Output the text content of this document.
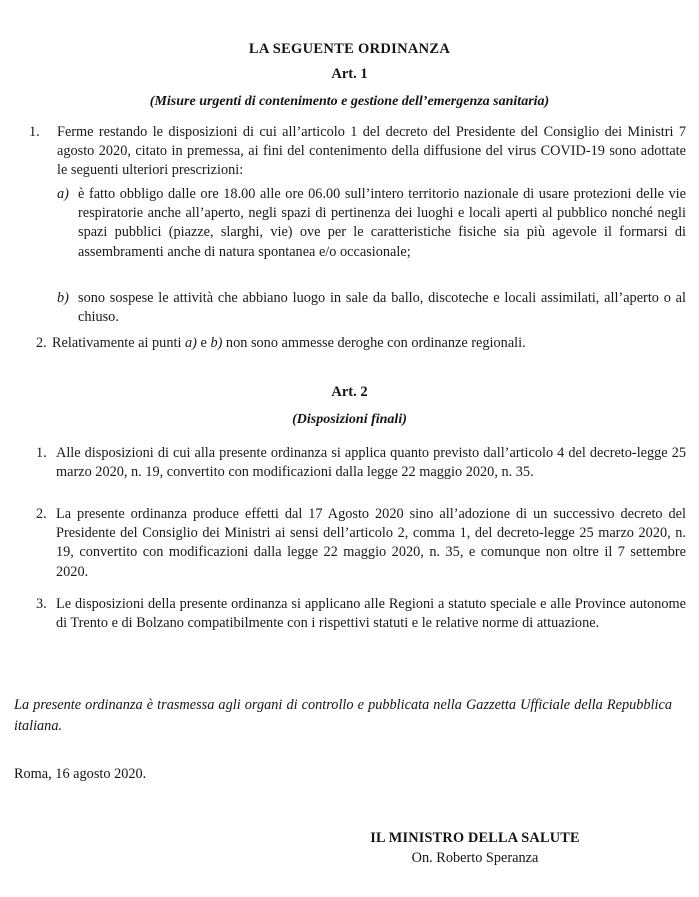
LA SEGUENTE ORDINANZA
Art. 1
(Misure urgenti di contenimento e gestione dell’emergenza sanitaria)
1. Ferme restando le disposizioni di cui all’articolo 1 del decreto del Presidente del Consiglio dei Ministri 7 agosto 2020, citato in premessa, ai fini del contenimento della diffusione del virus COVID-19 sono adottate le seguenti ulteriori prescrizioni:
a) è fatto obbligo dalle ore 18.00 alle ore 06.00 sull’intero territorio nazionale di usare protezioni delle vie respiratorie anche all’aperto, negli spazi di pertinenza dei luoghi e locali aperti al pubblico nonché negli spazi pubblici (piazze, slarghi, vie) ove per le caratteristiche fisiche sia più agevole il formarsi di assembramenti anche di natura spontanea e/o occasionale;
b) sono sospese le attività che abbiano luogo in sale da ballo, discoteche e locali assimilati, all’aperto o al chiuso.
2. Relativamente ai punti a) e b) non sono ammesse deroghe con ordinanze regionali.
Art. 2
(Disposizioni finali)
1. Alle disposizioni di cui alla presente ordinanza si applica quanto previsto dall’articolo 4 del decreto-legge 25 marzo 2020, n. 19, convertito con modificazioni dalla legge 22 maggio 2020, n. 35.
2. La presente ordinanza produce effetti dal 17 Agosto 2020 sino all’adozione di un successivo decreto del Presidente del Consiglio dei Ministri ai sensi dell’articolo 2, comma 1, del decreto-legge 25 marzo 2020, n. 19, convertito con modificazioni dalla legge 22 maggio 2020, n. 35, e comunque non oltre il 7 settembre 2020.
3. Le disposizioni della presente ordinanza si applicano alle Regioni a statuto speciale e alle Province autonome di Trento e di Bolzano compatibilmente con i rispettivi statuti e le relative norme di attuazione.
La presente ordinanza è trasmessa agli organi di controllo e pubblicata nella Gazzetta Ufficiale della Repubblica italiana.
Roma, 16 agosto 2020.
IL MINISTRO DELLA SALUTE
On. Roberto Speranza
